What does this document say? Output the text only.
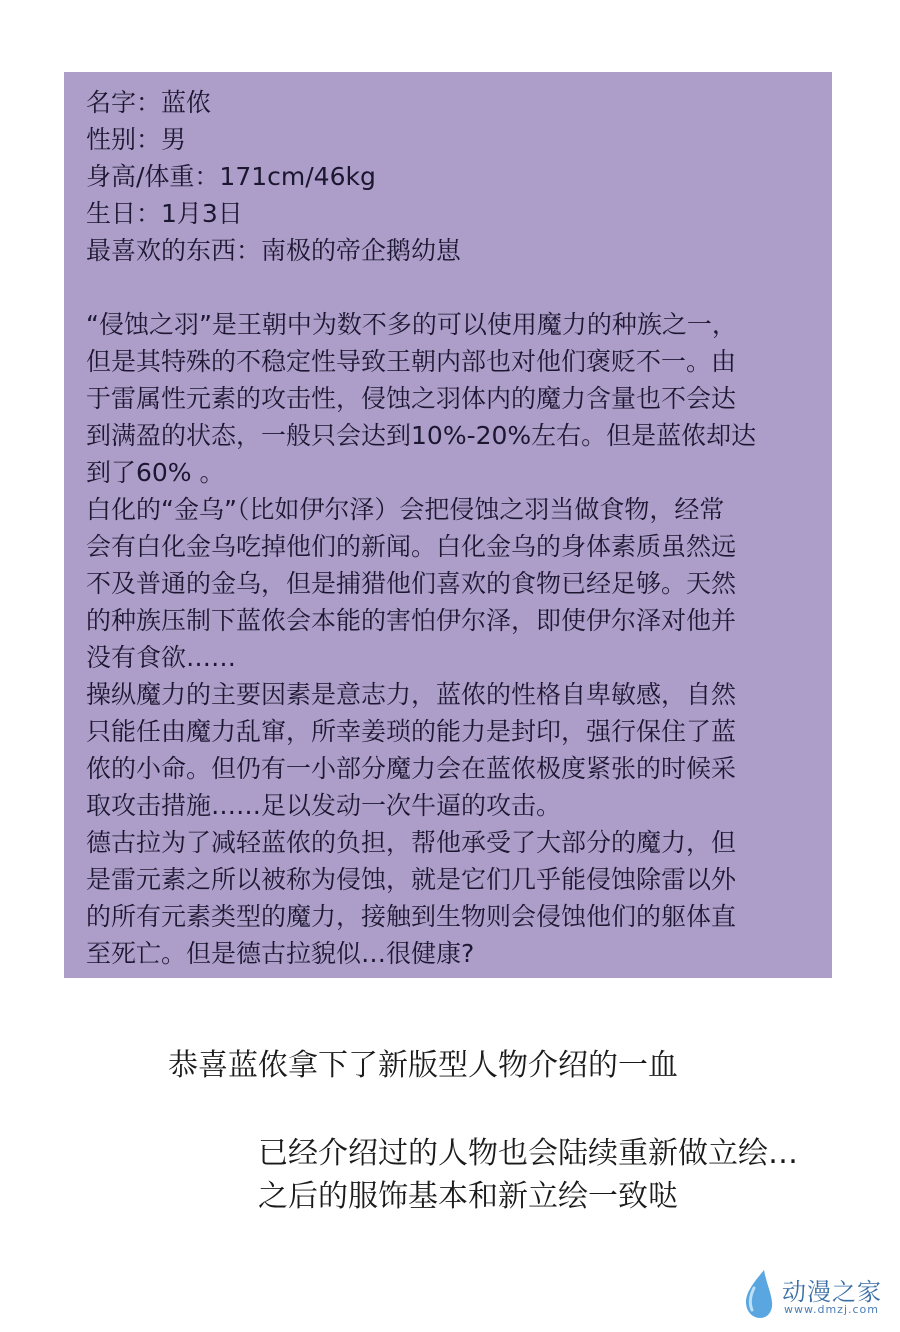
名字：蓝侬
性别：男
身高/体重：171cm/46kg
生日：1月3日
最喜欢的东西：南极的帝企鹅幼崽
“侵蚀之羽”是王朝中为数不多的可以使用魔力的种族之一，
但是其特殊的不稳定性导致王朝内部也对他们褒贬不一。由
于雷属性元素的攻击性，侵蚀之羽体内的魔力含量也不会达
到满盈的状态，一般只会达到10%-20%左右。但是蓝侬却达
到了60% 。
白化的“金乌”（比如伊尔泽）会把侵蚀之羽当做食物，经常
会有白化金乌吃掉他们的新闻。白化金乌的身体素质虽然远
不及普通的金乌，但是捕猎他们喜欢的食物已经足够。天然
的种族压制下蓝侬会本能的害怕伊尔泽，即使伊尔泽对他并
没有食欲……
操纵魔力的主要因素是意志力，蓝侬的性格自卑敏感，自然
只能任由魔力乱窜，所幸姜琐的能力是封印，强行保住了蓝
侬的小命。但仍有一小部分魔力会在蓝侬极度紧张的时候采
取攻击措施……足以发动一次牛逼的攻击。
德古拉为了减轻蓝侬的负担，帮他承受了大部分的魔力，但
是雷元素之所以被称为侵蚀，就是它们几乎能侵蚀除雷以外
的所有元素类型的魔力，接触到生物则会侵蚀他们的躯体直
至死亡。但是德古拉貌似…很健康?
恭喜蓝侬拿下了新版型人物介绍的一血
已经介绍过的人物也会陆续重新做立绘…
之后的服饰基本和新立绘一致哒
动漫之家
www.dmzj.com
